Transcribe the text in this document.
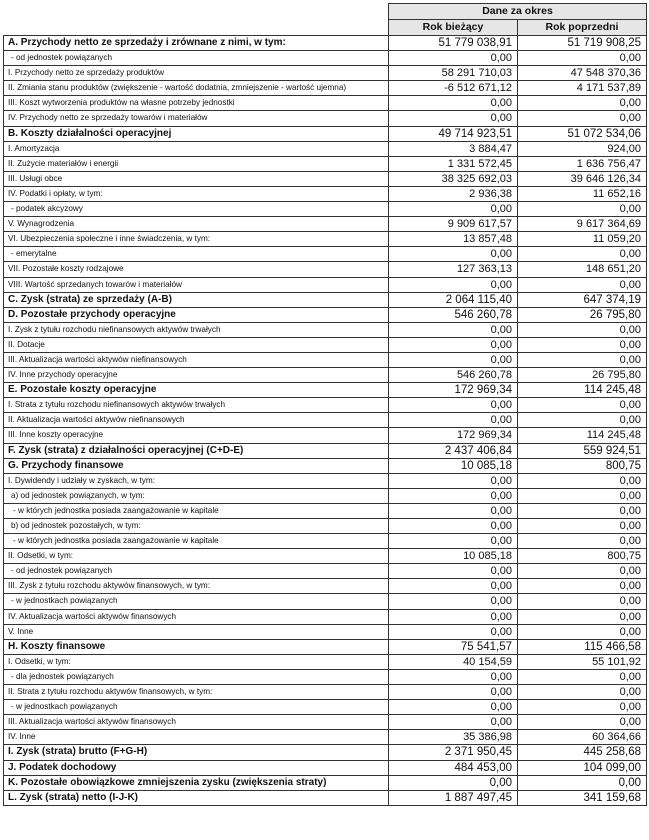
	Dane za okres	
	Rok bieżący	Rok poprzedni
A. Przychody netto ze sprzedaży i zrównane z nimi, w tym:	51 779 038,91	51 719 908,25
- od jednostek powiązanych	0,00	0,00
I. Przychody netto ze sprzedaży produktów	58 291 710,03	47 548 370,36
II. Zmiania stanu produktów (zwiększenie - wartość dodatnia, zmniejszenie - wartość ujemna)	-6 512 671,12	4 171 537,89
III. Koszt wytworzenia produktów na własne potrzeby jednostki	0,00	0,00
IV. Przychody netto ze sprzedaży towarów i materiałów	0,00	0,00
B. Koszty działalności operacyjnej	49 714 923,51	51 072 534,06
I. Amortyzacja	3 884,47	924,00
II. Zużycie materiałów i energii	1 331 572,45	1 636 756,47
III. Usługi obce	38 325 692,03	39 646 126,34
IV. Podatki i opłaty, w tym:	2 936,38	11 652,16
- podatek akcyzowy	0,00	0,00
V. Wynagrodzenia	9 909 617,57	9 617 364,69
VI. Ubezpieczenia społeczne i inne świadczenia, w tym:	13 857,48	11 059,20
- emerytalne	0,00	0,00
VII. Pozostałe koszty rodzajowe	127 363,13	148 651,20
VIII. Wartość sprzedanych towarów i materiałów	0,00	0,00
C. Zysk (strata) ze sprzedaży (A-B)	2 064 115,40	647 374,19
D. Pozostałe przychody operacyjne	546 260,78	26 795,80
I. Zysk z tytułu rozchodu niefinansowych aktywów trwałych	0,00	0,00
II. Dotacje	0,00	0,00
III. Aktualizacja wartości aktywów niefinansowych	0,00	0,00
IV. Inne przychody operacyjne	546 260,78	26 795,80
E. Pozostałe koszty operacyjne	172 969,34	114 245,48
I. Strata z tytułu rozchodu niefinansowych aktywów trwałych	0,00	0,00
II. Aktualizacja wartości aktywów niefinansowych	0,00	0,00
III. Inne koszty operacyjne	172 969,34	114 245,48
F. Zysk (strata) z działalności operacyjnej (C+D-E)	2 437 406,84	559 924,51
G. Przychody finansowe	10 085,18	800,75
I. Dywidendy i udziały w zyskach, w tym:	0,00	0,00
a) od jednostek powiązanych, w tym:	0,00	0,00
- w których jednostka posiada zaangażowanie w kapitale	0,00	0,00
b) od jednostek pozostałych, w tym:	0,00	0,00
- w których jednostka posiada zaangażowanie w kapitale	0,00	0,00
II. Odsetki, w tym:	10 085,18	800,75
- od jednostek powiązanych	0,00	0,00
III. Zysk z tytułu rozchodu aktywów finansowych, w tym:	0,00	0,00
- w jednostkach powiązanych	0,00	0,00
IV. Aktualizacja wartości aktywów finansowych	0,00	0,00
V. Inne	0,00	0,00
H. Koszty finansowe	75 541,57	115 466,58
I. Odsetki, w tym:	40 154,59	55 101,92
- dla jednostek powiązanych	0,00	0,00
II. Strata z tytułu rozchodu aktywów finansowych, w tym:	0,00	0,00
- w jednostkach powiązanych	0,00	0,00
III. Aktualizacja wartości aktywów finansowych	0,00	0,00
IV. Inne	35 386,98	60 364,66
I. Zysk (strata) brutto (F+G-H)	2 371 950,45	445 258,68
J. Podatek dochodowy	484 453,00	104 099,00
K. Pozostałe obowiązkowe zmniejszenia zysku (zwiększenia straty)	0,00	0,00
L. Zysk (strata) netto (I-J-K)	1 887 497,45	341 159,68
